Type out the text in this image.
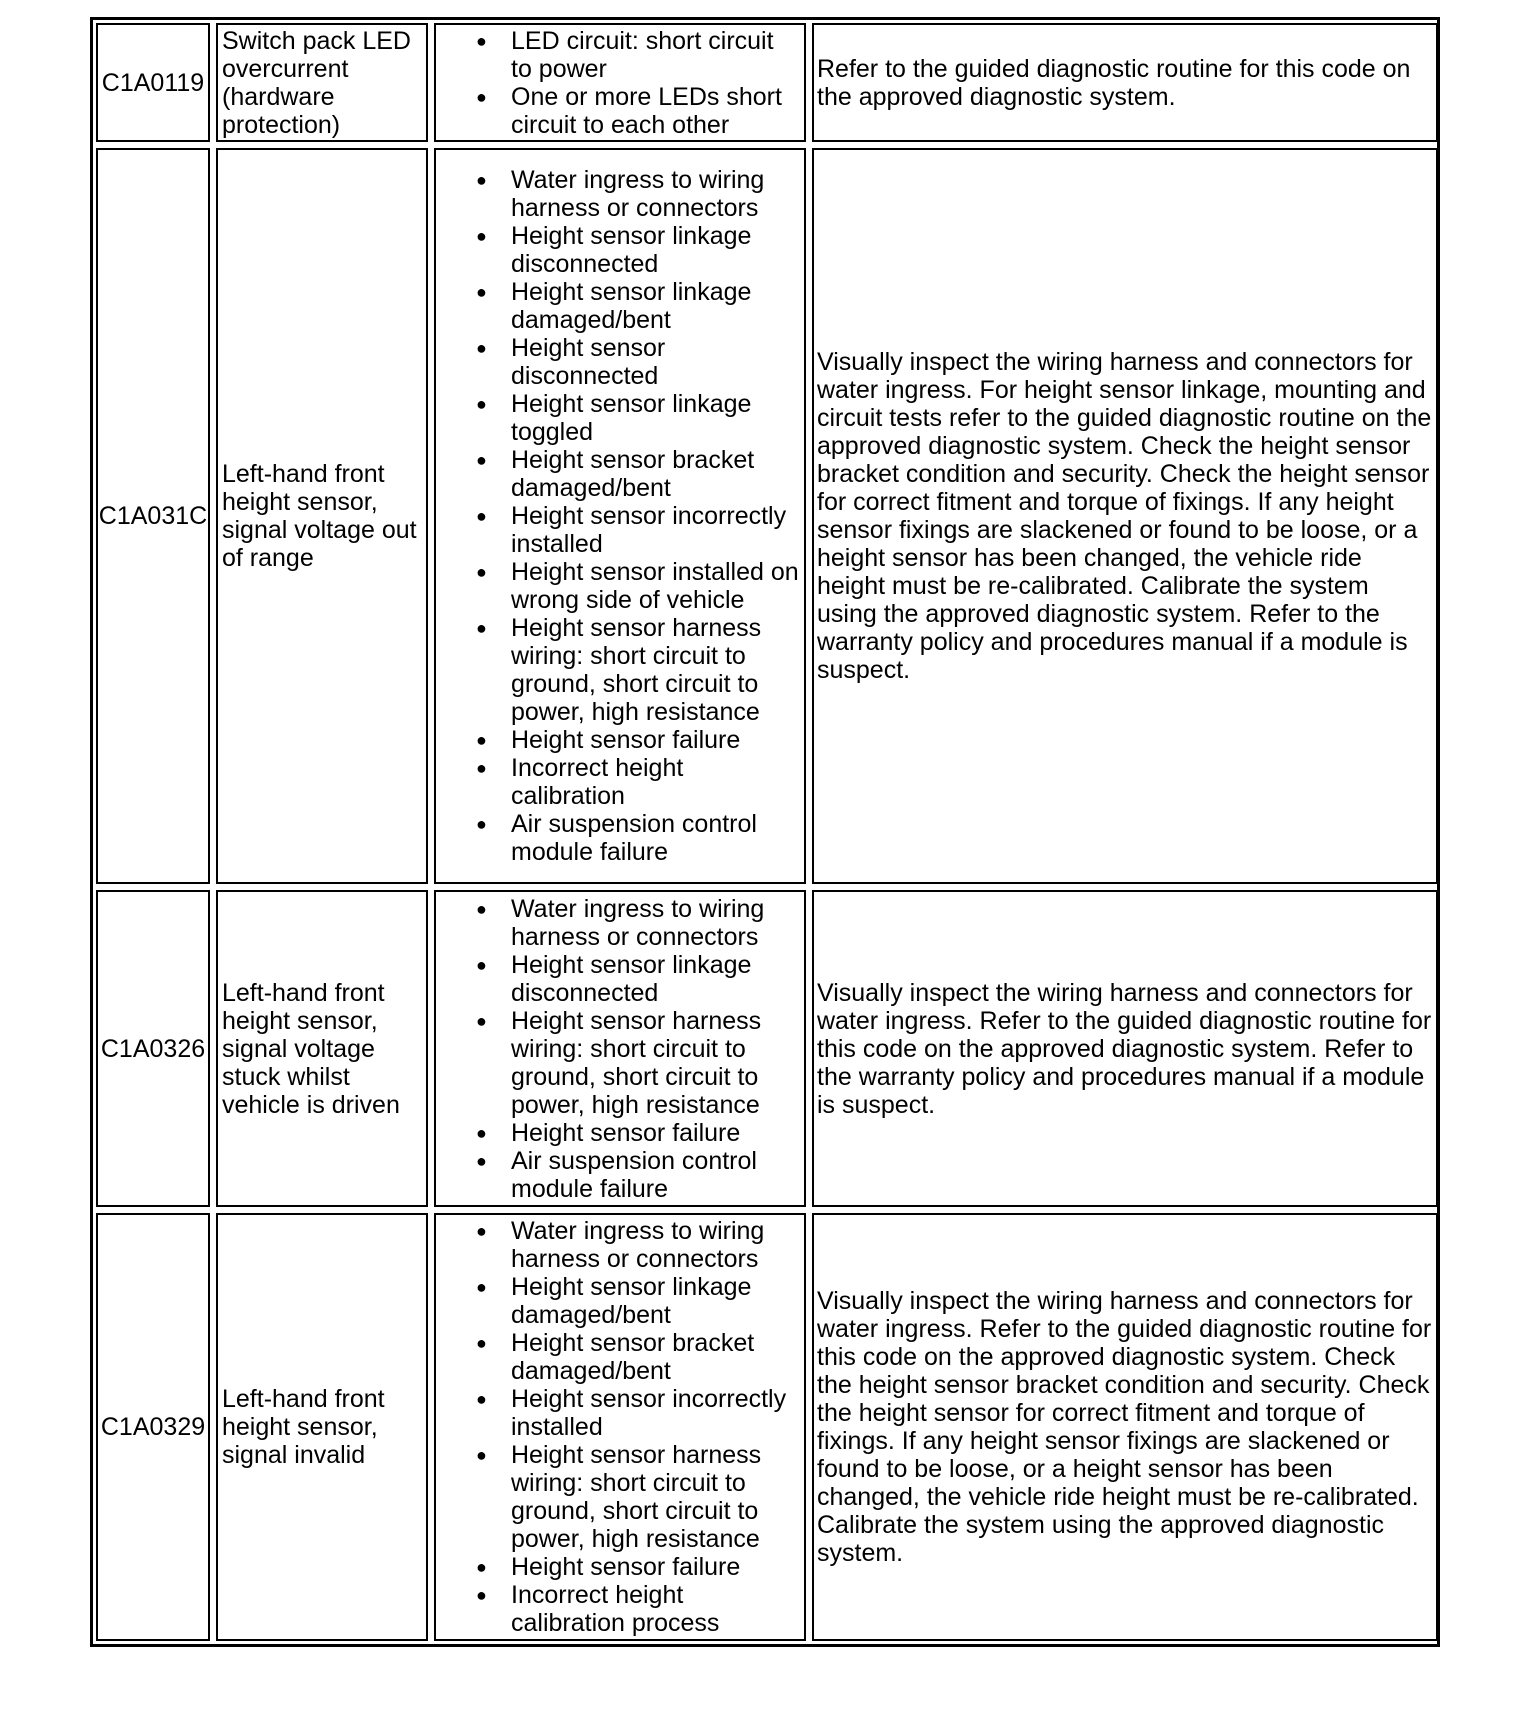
C1A0119
Switch pack LED overcurrent (hardware protection)
● LED circuit: short circuit to power
● One or more LEDs short circuit to each other
Refer to the guided diagnostic routine for this code on the approved diagnostic system.
C1A031C
Left-hand front height sensor, signal voltage out of range
● Water ingress to wiring harness or connectors
● Height sensor linkage disconnected
● Height sensor linkage damaged/bent
● Height sensor disconnected
● Height sensor linkage toggled
● Height sensor bracket damaged/bent
● Height sensor incorrectly installed
● Height sensor installed on wrong side of vehicle
● Height sensor harness wiring: short circuit to ground, short circuit to power, high resistance
● Height sensor failure
● Incorrect height calibration
● Air suspension control module failure
Visually inspect the wiring harness and connectors for water ingress. For height sensor linkage, mounting and circuit tests refer to the guided diagnostic routine on the approved diagnostic system. Check the height sensor bracket condition and security. Check the height sensor for correct fitment and torque of fixings. If any height sensor fixings are slackened or found to be loose, or a height sensor has been changed, the vehicle ride height must be re-calibrated. Calibrate the system using the approved diagnostic system. Refer to the warranty policy and procedures manual if a module is suspect.
C1A0326
Left-hand front height sensor, signal voltage stuck whilst vehicle is driven
● Water ingress to wiring harness or connectors
● Height sensor linkage disconnected
● Height sensor harness wiring: short circuit to ground, short circuit to power, high resistance
● Height sensor failure
● Air suspension control module failure
Visually inspect the wiring harness and connectors for water ingress. Refer to the guided diagnostic routine for this code on the approved diagnostic system. Refer to the warranty policy and procedures manual if a module is suspect.
C1A0329
Left-hand front height sensor, signal invalid
● Water ingress to wiring harness or connectors
● Height sensor linkage damaged/bent
● Height sensor bracket damaged/bent
● Height sensor incorrectly installed
● Height sensor harness wiring: short circuit to ground, short circuit to power, high resistance
● Height sensor failure
● Incorrect height calibration process
Visually inspect the wiring harness and connectors for water ingress. Refer to the guided diagnostic routine for this code on the approved diagnostic system. Check the height sensor bracket condition and security. Check the height sensor for correct fitment and torque of fixings. If any height sensor fixings are slackened or found to be loose, or a height sensor has been changed, the vehicle ride height must be re-calibrated. Calibrate the system using the approved diagnostic system.
